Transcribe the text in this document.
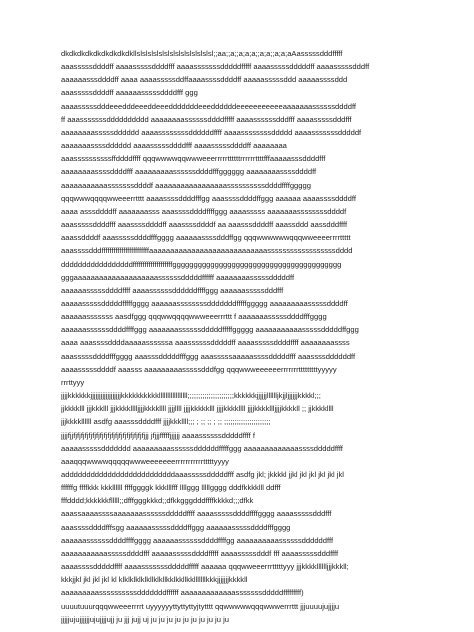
dkdkdkdkdkdkdkdkdkllslslslslslslslslslslslslslsl;;aa;;a;;a;a;a;;a;a;;a;a;aAasssssdddfffff
aaasssssddddff aaaasssssddddfff aaaasssssssdddddfffff aaaasssssdddddff aaaasssssdddff
aaaaaasssddddff aaaa aaaasssssddffaaaassssddddff aaaaasssssddd aaaaassssddd
aaasssssddddff aaaaaasssssddddfff ggg
aaaasssssdddeeedddeeeddeeedddddddeeeddddddeeeeeeeeeeeaaaaaaassssssddddff
ff aaasssssssdddddddddd aaaaaaaassssssddddfffff aaaassssssdddfff aaaasssssdddfff
aaaaaaaasssssdddddd aaaassssssssddddddffff aaaassssssssddddd aaaasssssssdddddf
aaaaaaassssdddddd aaaasssssddddfff aaaasssssddddff aaaaaaaa
aaassssssssssffddddffff qqqwwwwqqwwweeerrrrrttttttrrrrrrttttfffaaaaasssddddfff
aaaaaaaassssddddfff aaaaaaaaassssssddddfffgggggg aaaaaaaassssddddff
aaaaaaaaaaasssssssddddf aaaaaaaaaaaaaaaaassssssssssddddffffggggg
qqqwwwqqqqwweeerrtttt aaaassssddddfffgg aaassssddddffggg aaaaaa aaaassssddddff
aaaa asssddddff aaaaaaasss aaassssddddffffggg aaaasssss aaaaaaassssssssddddf
aaasssssddddfff aaassssddddff aaassssddddf aa aaasssddddff aaassddd aassdddffff
aaassddddf aaasssssddddfffgggg aaaaaassssdddffgg qqqwwwwwwqqqwweeeerrrrttttt
aaassssdddffffffffffffffffffffffffaaaaaaaaaaaaaaaaaaaaaaaaaaaassssssssssssssssssdddd
dddddddddddddddddffffffffffffffffffffgggggggggggggggggggggggggggggggggggggggg
gggaaaaaaaaaaaaaaaaaaaassssssdddddffffff aaaaaaaasssssdddddff
aaaaaasssssddddffff aaaassssssddddddffffggg aaaaaasssssdddfff
aaaaasssssdddddfffffgggg aaaaaassssssssdddddddfffffggggg aaaaaaaaasssssddddff
aaaaaasssssss aasdfggg qqqwwqqqqwwweeerrrttt f aaaaaaasssssddddfffgggg
aaaaaassssssddddffffggg aaaaaaassssssdddddfffffggggg aaaaaaaaaaasssssdddddffggg
aaaa aaassssddddaaaaassssssa aaassssssdddddff aaaasssssddddffff aaaaaaaassss
aaasssssddddfffgggg aaasssdddddfffggg aaasssssaaaaassssdddddfff aaassssddddddff
aaaasssssddddf aaasss aaaaaaaaasssssdddfgg qqqwwweeeeeerrrrrrrtttttttttyyyyy
rrrttyyy
jjjjkkkkkkjjjjjjjjjjjjjjjjjjkkkkkkkkkklllllllllllllllll;;;;;;;;;;;;;;;;;;;;;;kkkkkkjjjjjjlllllljkjjljjjjjjkkkkl;;;
jjkkkklll jjjkkklll jjjkkkklllljjjjkkkkllll jjjjllll jjjjkkkkklll jjjjkkkkllll jjjjkkkkllljjjjkkkkll ;; jjkkkkllll
jjjkkkkllllll asdfg aaasssddddfff jjjjkkkllll;;; ; ;; ;; ; ;; ;;;;;;;;;;;;;;;;;;;;;;
jjjjfjjfjfjfjfjfjfjfjfjfjfjfjfjfjfjfjfjfjfjfjjj jfjjjfffffjjjjjj aaaassssssdddddffff f
aaaaasssssddddddd aaaaaaaaassssssddddddfffffggg aaaaaaaaaaaaassssdddddffff
aaaqqqwwwwqqqqqwwweeeeeeerrrrrrrrrrrtttttyyyy
addddddddddddddddddddddddddaaasssssdddddfff asdfg jkl; jkkkkl jjkl jkl jkl jkl jkl jkl
ffffffg ffffkkk kkkllllll ffffggggk kkklllfff llllggg lllllgggg dddfkkkklll ddfff
fffdddd;kkkkkkflllll;;dfffgggkkkd;;dfkkgggdddffffkkkkd;;;dfkk
aaassaaaassssaaaaaaassssssdddddffff aaaasssssddddffffgggg aaaasssssdddfff
aaassssddddfffsgg aaaaaasssssddddffggg aaaaaasssssddddfffgggg
aaaaaassssssddddffffgggg aaaaaassssssddddffffgg aaaaaaaaaassssssddddddfff
aaaaaaaaaaasssssddddfff aaaaasssssddddfffff aaaasssssdddf fff aaaasssssdddffff
aaaassssdddddffff aaaasssssssdddddfffff aaaaaa qqqwweeerrrtttttyyy jjjkkkklllllljjjkkkll;
kkkjjkl jkl jkl jkl kl klklklklklkllklkllkklkkllkklllllllkkkjjjjjjjkkkkll
aaaaaaaaassssssssssdddddddffffff aaaaaaaaaaaaasssssssdddddfffffffff)
uuuutuuurqqqwweeerrrrt uyyyyyyttyttyttyjtytttt qqwwwwwqqqwwwerrrttt jjjuuuujujjjju
jjjjjujujjjjjjujujjjjujj ju jjj jujj uj ju ju ju ju ju ju ju ju ju ju
